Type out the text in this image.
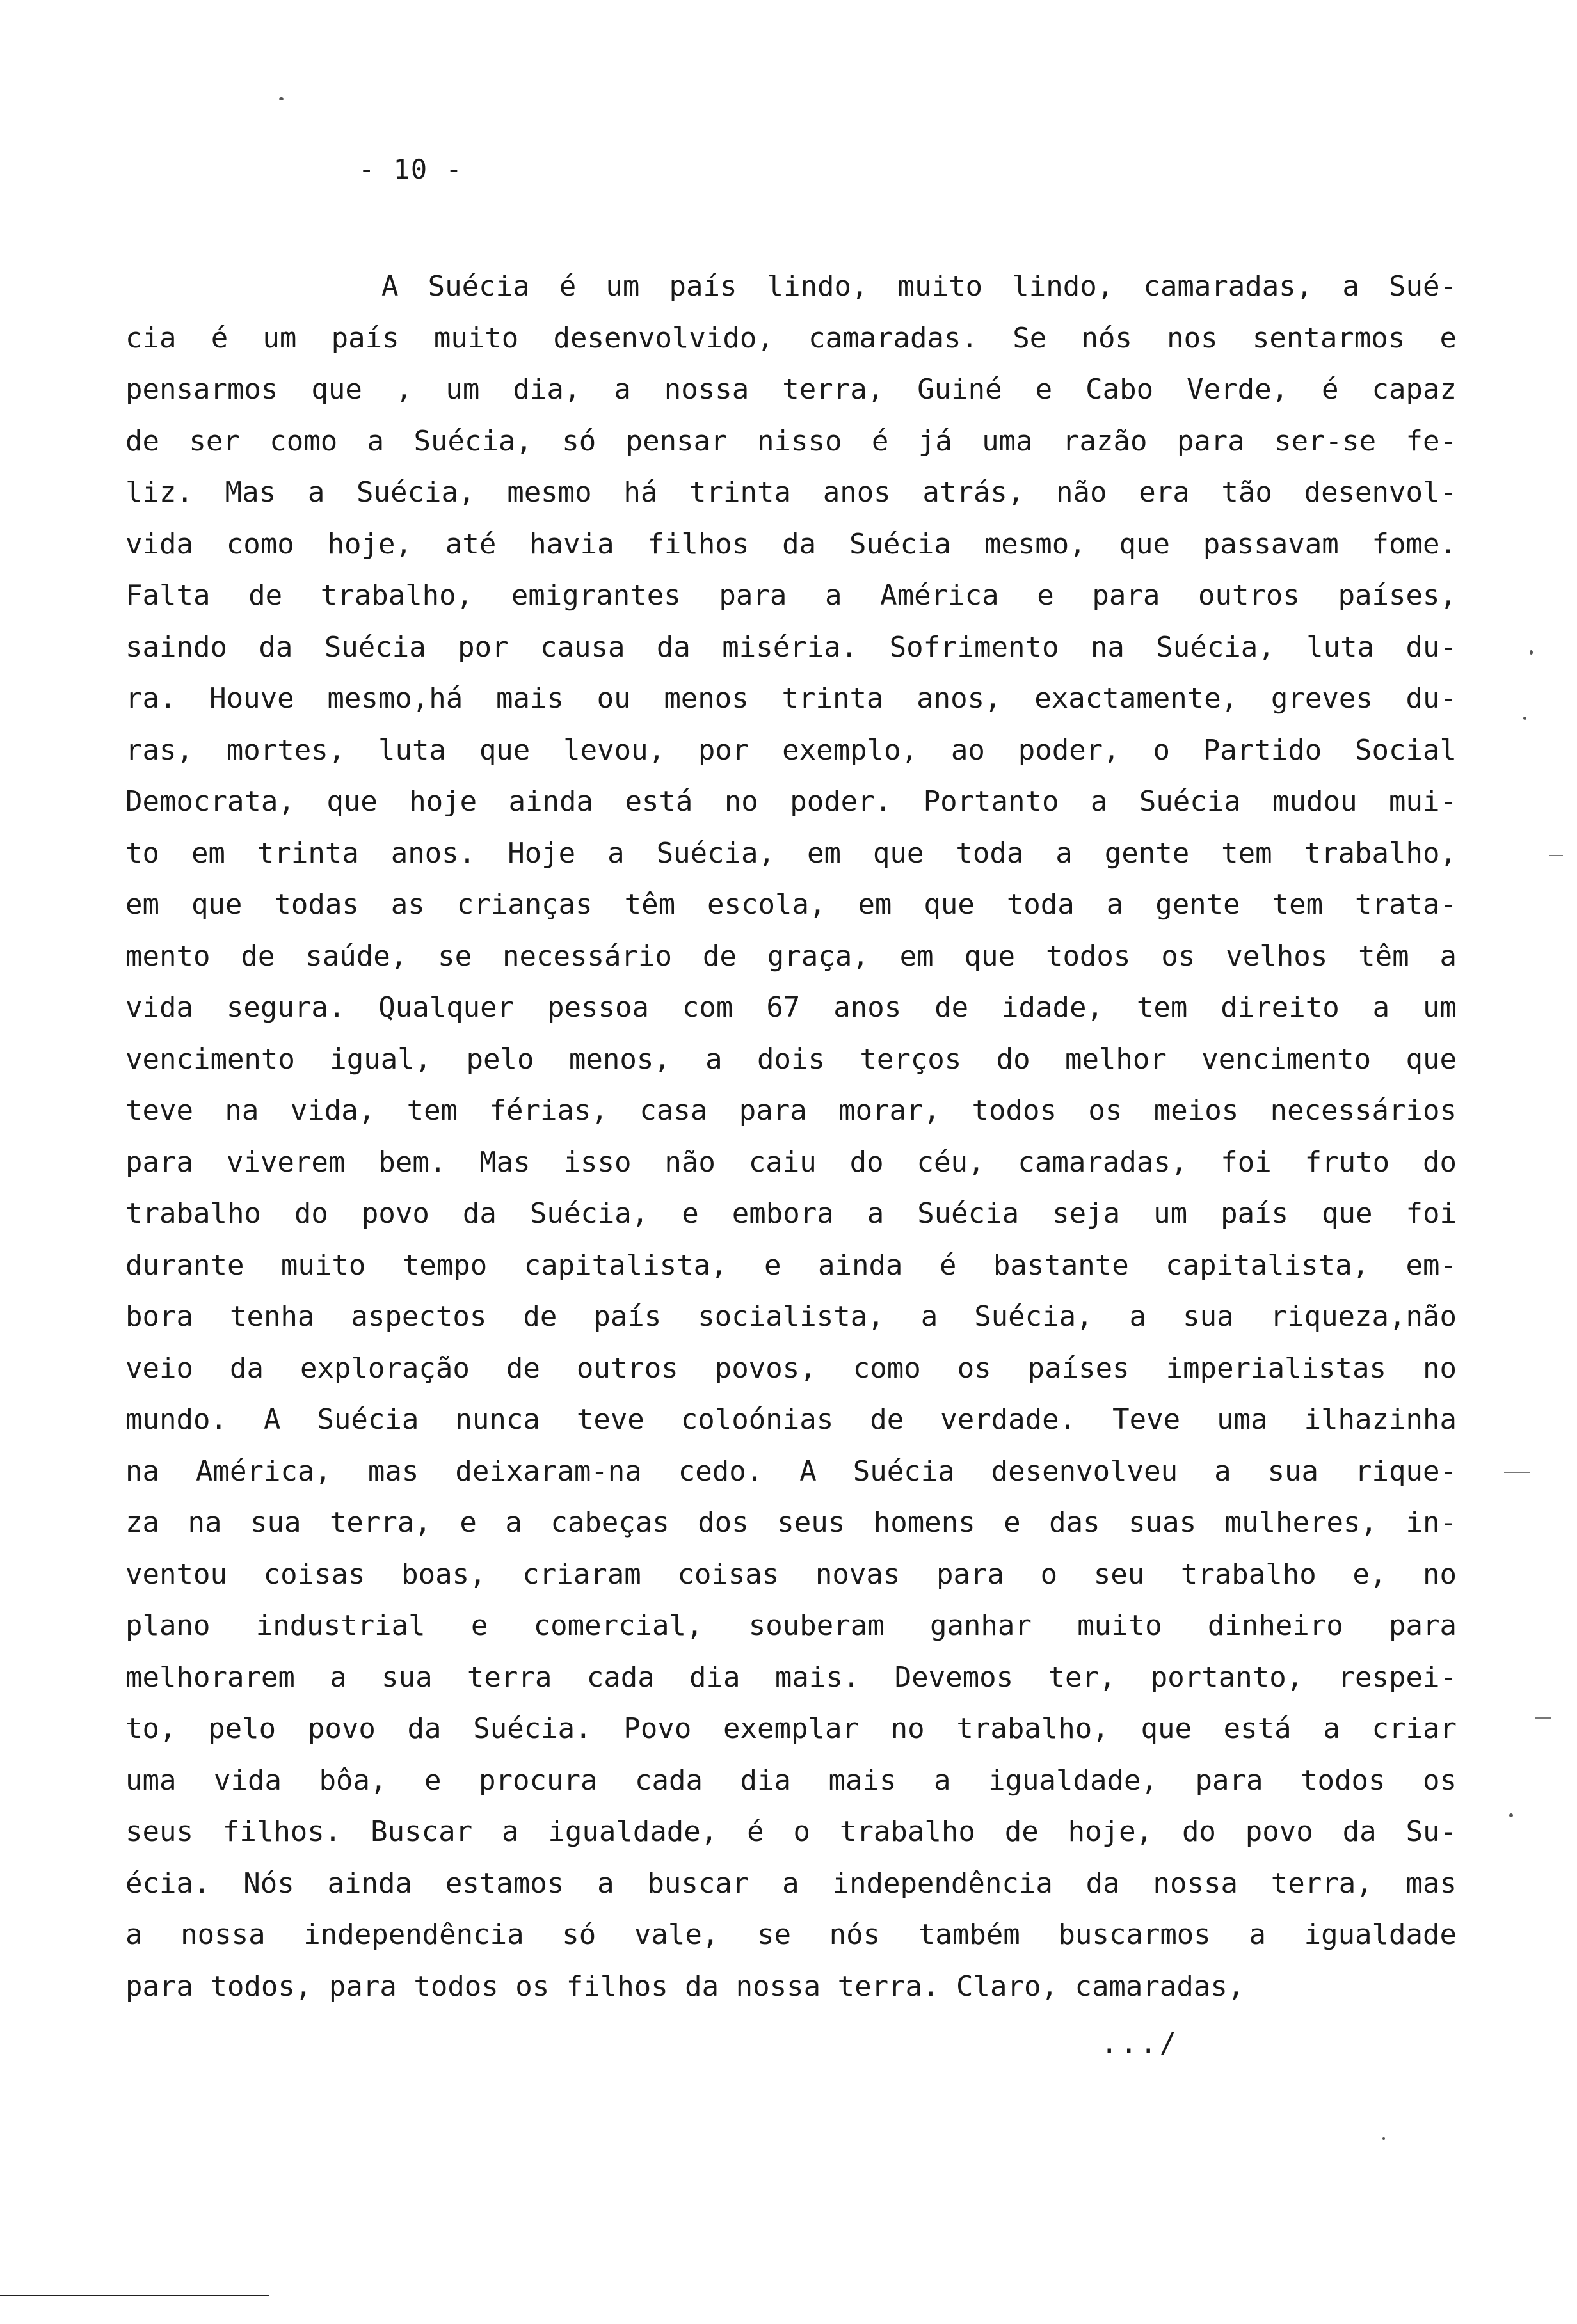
- 10 -
A Suécia é um país lindo, muito lindo, camaradas, a Sué-
cia é um país muito desenvolvido, camaradas. Se nós nos sentarmos e
pensarmos que , um dia, a nossa terra, Guiné e Cabo Verde, é capaz
de ser como a Suécia, só pensar nisso é já uma razão para ser-se fe-
liz. Mas a Suécia, mesmo há trinta anos atrás, não era tão desenvol-
vida como hoje, até havia filhos da Suécia mesmo, que passavam fome.
Falta de trabalho, emigrantes para a América e para outros países,
saindo da Suécia por causa da miséria. Sofrimento na Suécia, luta du-
ra. Houve mesmo,há mais ou menos trinta anos, exactamente, greves du-
ras, mortes, luta que levou, por exemplo, ao poder, o Partido Social
Democrata, que hoje ainda está no poder. Portanto a Suécia mudou mui-
to em trinta anos. Hoje a Suécia, em que toda a gente tem trabalho,
em que todas as crianças têm escola, em que toda a gente tem trata-
mento de saúde, se necessário de graça, em que todos os velhos têm a
vida segura. Qualquer pessoa com 67 anos de idade, tem direito a um
vencimento igual, pelo menos, a dois terços do melhor vencimento que
teve na vida, tem férias, casa para morar, todos os meios necessários
para viverem bem. Mas isso não caiu do céu, camaradas, foi fruto do
trabalho do povo da Suécia, e embora a Suécia seja um país que foi
durante muito tempo capitalista, e ainda é bastante capitalista, em-
bora tenha aspectos de país socialista, a Suécia, a sua riqueza,não
veio da exploração de outros povos, como os países imperialistas no
mundo. A Suécia nunca teve coloónias de verdade. Teve uma ilhazinha
na América, mas deixaram-na cedo. A Suécia desenvolveu a sua rique-
za na sua terra, e a cabeças dos seus homens e das suas mulheres, in-
ventou coisas boas, criaram coisas novas para o seu trabalho e, no
plano industrial e comercial, souberam ganhar muito dinheiro para
melhorarem a sua terra cada dia mais. Devemos ter, portanto, respei-
to, pelo povo da Suécia. Povo exemplar no trabalho, que está a criar
uma vida bôa, e procura cada dia mais a igualdade, para todos os
seus filhos. Buscar a igualdade, é o trabalho de hoje, do povo da Su-
écia. Nós ainda estamos a buscar a independência da nossa terra, mas
a nossa independência só vale, se nós também buscarmos a igualdade
para todos, para todos os filhos da nossa terra. Claro, camaradas,
.../
